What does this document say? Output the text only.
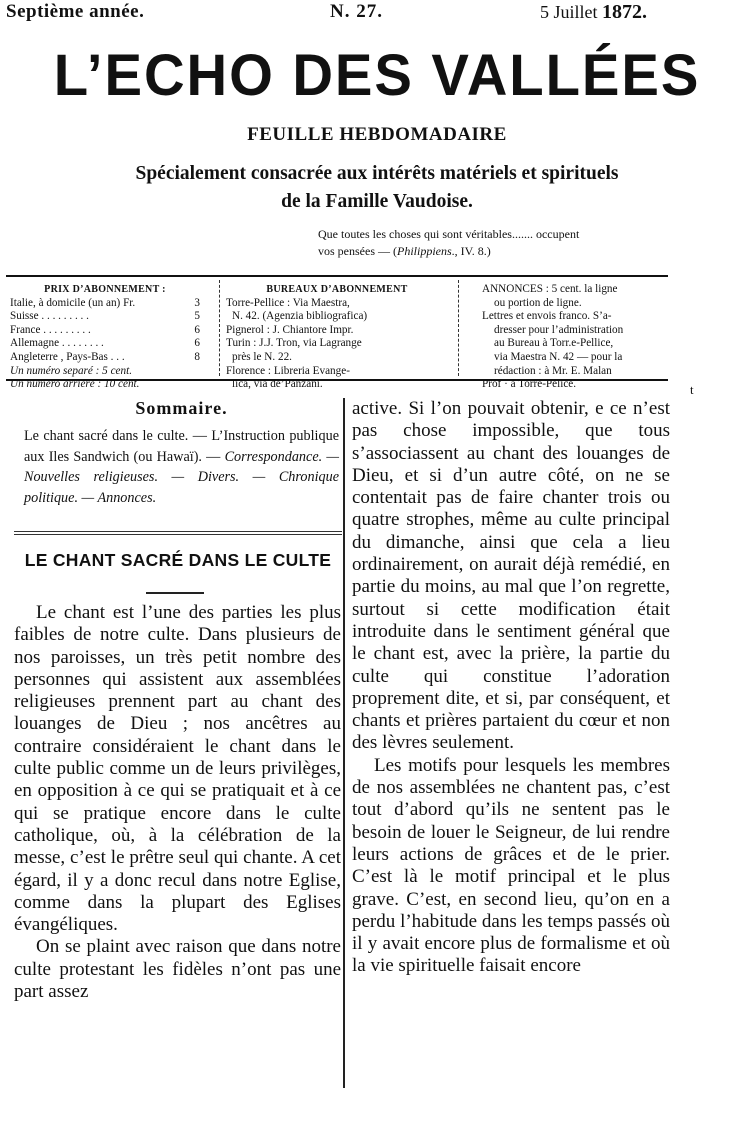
Septième année.	N. 27.	5 Juillet 1872.
L’ECHO DES VALLÉES
FEUILLE HEBDOMADAIRE
Spécialement consacrée aux intérêts matériels et spirituels
de la Famille Vaudoise.
Que toutes les choses qui sont véritables....... occupent
vos pensées — (Philippiens., IV. 8.)
PRIX D’ABONNEMENT :
Italie, à domicile (un an) Fr.	3
Suisse . . . . . . . . .	5
France . . . . . . . . .	6
Allemagne . . . . . . . .	6
Angleterre , Pays-Bas . . .	8
Un numéro separé : 5 cent.
Un numéro arriéré : 10 cent.
BUREAUX D’ABONNEMENT
Torre-Pellice : Via Maestra,
N. 42. (Agenzia bibliografica)
Pignerol : J. Chiantore Impr.
Turin : J.J. Tron, via Lagrange
près le N. 22.
Florence : Libreria Evange-
lica, via de’Panzani.
ANNONCES : 5 cent. la ligne
ou portion de ligne.
Lettres et envois franco. S’a-
dresser pour l’administration
au Bureau à Torr.e-Pellice,
via Maestra N. 42 — pour la
rédaction : à Mr. E. Malan
Prof · à Torre-Pelice.
Sommaire.
Le chant sacré dans le culte. — L’Instruction publique aux Iles Sandwich (ou Hawaï). — Correspondance. — Nouvelles religieuses. — Divers. — Chronique politique. — Annonces.
LE CHANT SACRÉ DANS LE CULTE

Le chant est l’une des parties les plus faibles de notre culte. Dans plusieurs de nos paroisses, un très petit nombre des personnes qui assistent aux assemblées religieuses prennent part au chant des louanges de Dieu ; nos ancêtres au contraire considéraient le chant dans le culte public comme un de leurs privilèges, en opposition à ce qui se pratiquait et à ce qui se pratique encore dans le culte catholique, où, à la célébration de la messe, c’est le prêtre seul qui chante. A cet égard, il y a donc recul dans notre Eglise, comme dans la plupart des Eglises évangéliques.

On se plaint avec raison que dans notre culte protestant les fidèles n’ont pas une part assez

active. Si l’on pouvait obtenir, e ce n’est pas chose impossible, que tous s’associassent au chant des louanges de Dieu, et si d’un autre côté, on ne se contentait pas de faire chanter trois ou quatre strophes, même au culte principal du dimanche, ainsi que cela a lieu ordinairement, on aurait déjà remédié, en partie du moins, au mal que l’on regrette, surtout si cette modification était introduite dans le sentiment général que le chant est, avec la prière, la partie du culte qui constitue l’adoration proprement dite, et si, par conséquent, et chants et prières partaient du cœur et non des lèvres seulement.

Les motifs pour lesquels les membres de nos assemblées ne chantent pas, c’est tout d’abord qu’ils ne sentent pas le besoin de louer le Seigneur, de lui rendre leurs actions de grâces et de le prier. C’est là le motif principal et le plus grave. C’est, en second lieu, qu’on en a perdu l’habitude dans les temps passés où il y avait encore plus de formalisme et où la vie spirituelle faisait encore

t
